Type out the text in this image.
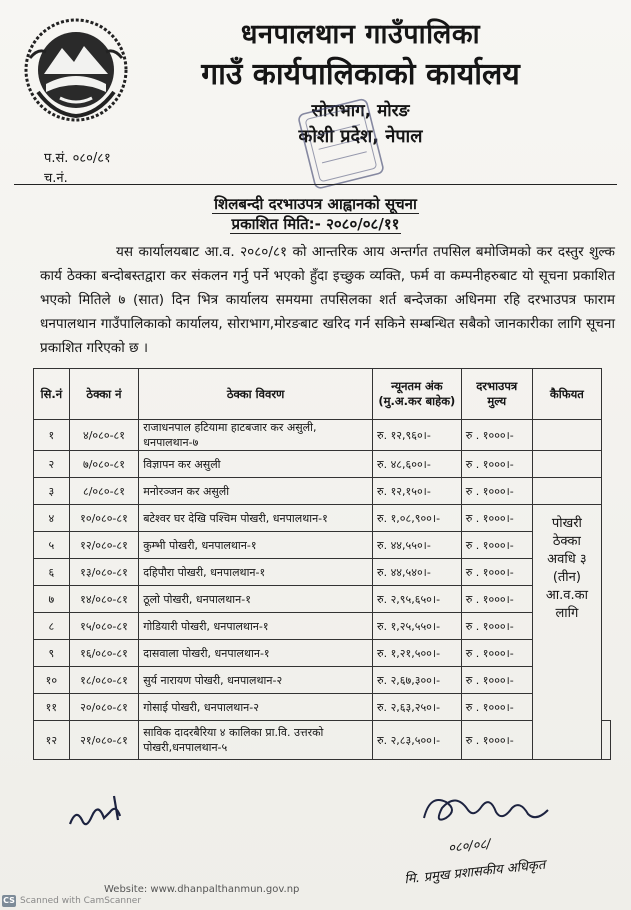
धनपालथान गाउँपालिका
गाउँ कार्यपालिकाको कार्यालय
सोराभाग, मोरङ
कोशी प्रदेश, नेपाल
प.सं. ०८०/८१
च.नं.
शिलबन्दी दरभाउपत्र आह्वानको सूचना
प्रकाशित मिति:- २०८०/०८/११
यस कार्यालयबाट आ.व. २०८०/८१ को आन्तरिक आय अन्तर्गत तपसिल बमोजिमको कर दस्तुर शुल्क कार्य ठेक्का बन्दोबस्तद्वारा कर संकलन गर्नु पर्ने भएको हुँदा इच्छुक व्यक्ति, फर्म वा कम्पनीहरुबाट यो सूचना प्रकाशित भएको मितिले ७ (सात) दिन भित्र कार्यालय समयमा तपसिलका शर्त बन्देजका अधिनमा रहि दरभाउपत्र फाराम धनपालथान गाउँपालिकाको कार्यालय, सोराभाग,मोरङबाट खरिद गर्न सकिने सम्बन्धित सबैको जानकारीका लागि सूचना प्रकाशित गरिएको छ ।
सि.नं	ठेक्का नं	ठेक्का विवरण	न्यूनतम अंक (मु.अ.कर बाहेक)	दरभाउपत्र मुल्य	कैफियत	
१	४/०८०-८१	राजाधनपाल हटियामा हाटबजार कर असुली, धनपालथान-७	रु. १२,९६०।-	रु . १०००।-		
२	७/०८०-८१	विज्ञापन कर असुली	रु. ४८,६००।-	रु . १०००।-		
३	८/०८०-८१	मनोरञ्जन कर असुली	रु. १२,१५०।-	रु . १०००।-		
४	१०/०८०-८१	बटेश्वर घर देखि पश्चिम पोखरी, धनपालथान-१	रु. १,०८,९००।-	रु . १०००।-	पोखरी ठेक्का अवधि ३ (तीन) आ.व.का लागि	
५	१२/०८०-८१	कुम्भी पोखरी, धनपालथान-१	रु. ४४,५५०।-	रु . १०००।-		
६	१३/०८०-८१	दहिपौरा पोखरी, धनपालथान-१	रु. ४४,५४०।-	रु . १०००।-		
७	१४/०८०-८१	ठूलो पोखरी, धनपालथान-१	रु. २,९५,६५०।-	रु . १०००।-		
८	१५/०८०-८१	गोडियारी पोखरी, धनपालथान-१	रु. १,२५,५५०।-	रु . १०००।-		
९	१६/०८०-८१	दासवाला पोखरी, धनपालथान-१	रु. १,२१,५००।-	रु . १०००।-		
१०	१८/०८०-८१	सुर्य नारायण पोखरी, धनपालथान-२	रु. २,६७,३००।-	रु . १०००।-		
११	२०/०८०-८१	गोसाई पोखरी, धनपालथान-२	रु. २,६३,२५०।-	रु . १०००।-		
१२	२१/०८०-८१	साविक दादरबैरिया ४ कालिका प्रा.वि. उत्तरको पोखरी,धनपालथान-५	रु. २,८३,५००।-	रु . १०००।-		
०८०/०८/
मि. प्रमुख प्रशासकीय अधिकृत
Website: www.dhanpalthanmun.gov.np
CS Scanned with CamScanner
